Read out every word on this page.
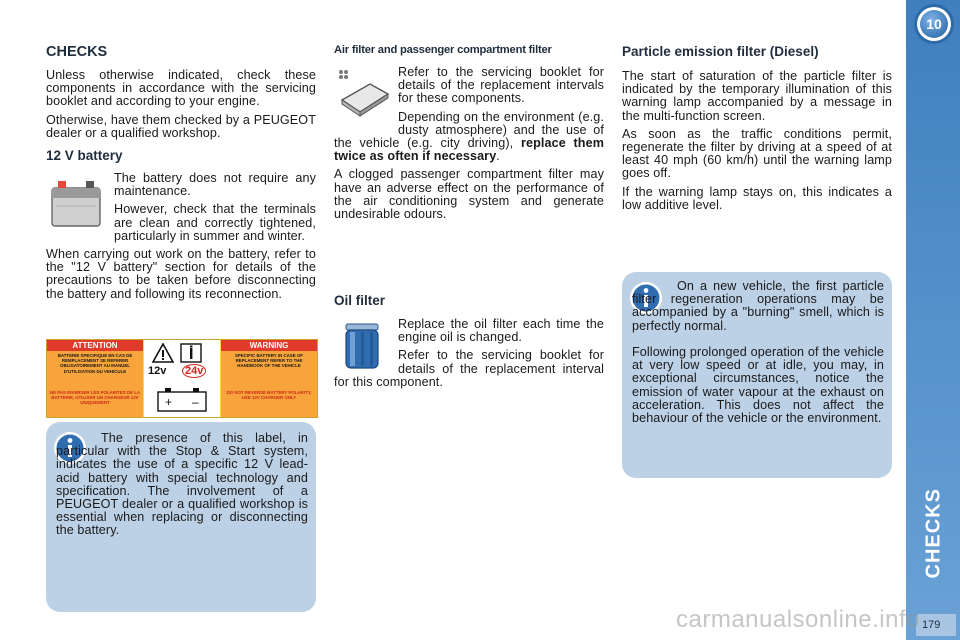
10
CHECKS
179
CHECKS

Unless otherwise indicated, check these components in accordance with the servicing booklet and according to your engine.

Otherwise, have them checked by a PEUGEOT dealer or a qualified workshop.

12 V battery

The battery does not require any maintenance.

However, check that the terminals are clean and correctly tightened, particularly in summer and winter.

When carrying out work on the battery, refer to the "12 V battery" section for details of the precautions to be taken before disconnecting the battery and following its reconnection.

ATTENTION
BATTERIE SPECIFIQUE EN CAS DE REMPLACEMENT SE REFERER OBLIGATOIREMENT AU MANUEL D'UTILISATION DU VEHICULE
NE PAS INVERSER LES POLARITES DE LA BATTERIE, UTILISER UN CHARGEUR 12V UNIQUEMENT
12v 24v
+ –
WARNING
SPECIFIC BATTERY IN CASE OF REPLACEMENT REFER TO THE HANDBOOK OF THE VEHICLE
DO NOT REVERSE BATTERY POLARITY, USE 12V CHARGER ONLY

The presence of this label, in particular with the Stop & Start system, indicates the use of a specific 12 V lead-acid battery with special technology and specification. The involvement of a PEUGEOT dealer or a qualified workshop is essential when replacing or disconnecting the battery.

Air filter and passenger compartment filter

Refer to the servicing booklet for details of the replacement intervals for these components.

Depending on the environment (e.g. dusty atmosphere) and the use of the vehicle (e.g. city driving), replace them twice as often if necessary.

A clogged passenger compartment filter may have an adverse effect on the performance of the air conditioning system and generate undesirable odours.

Oil filter

Replace the oil filter each time the engine oil is changed.

Refer to the servicing booklet for details of the replacement interval for this component.

Particle emission filter (Diesel)

The start of saturation of the particle filter is indicated by the temporary illumination of this warning lamp accompanied by a message in the multi-function screen.

As soon as the traffic conditions permit, regenerate the filter by driving at a speed of at least 40 mph (60 km/h) until the warning lamp goes off.

If the warning lamp stays on, this indicates a low additive level.

On a new vehicle, the first particle filter regeneration operations may be accompanied by a "burning" smell, which is perfectly normal.

Following prolonged operation of the vehicle at very low speed or at idle, you may, in exceptional circumstances, notice the emission of water vapour at the exhaust on acceleration. This does not affect the behaviour of the vehicle or the environment.

carmanualsonline.info
